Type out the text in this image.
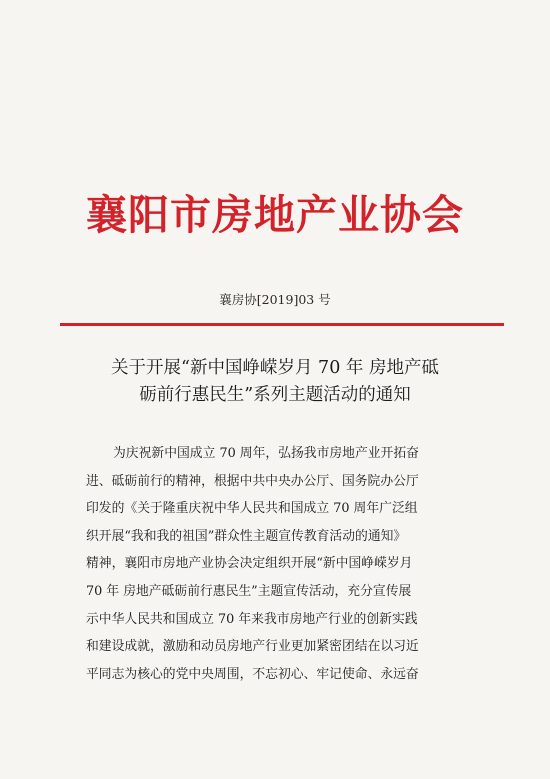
襄阳市房地产业协会
襄房协[2019]03 号
关于开展“新中国峥嵘岁月 70 年 房地产砥
砺前行惠民生”系列主题活动的通知
为庆祝新中国成立 70 周年，弘扬我市房地产业开拓奋
进、砥砺前行的精神，根据中共中央办公厅、国务院办公厅
印发的《关于隆重庆祝中华人民共和国成立 70 周年广泛组
织开展“我和我的祖国”群众性主题宣传教育活动的通知》
精神，襄阳市房地产业协会决定组织开展“新中国峥嵘岁月
70 年 房地产砥砺前行惠民生”主题宣传活动，充分宣传展
示中华人民共和国成立 70 年来我市房地产行业的创新实践
和建设成就，激励和动员房地产行业更加紧密团结在以习近
平同志为核心的党中央周围，不忘初心、牢记使命、永远奋
